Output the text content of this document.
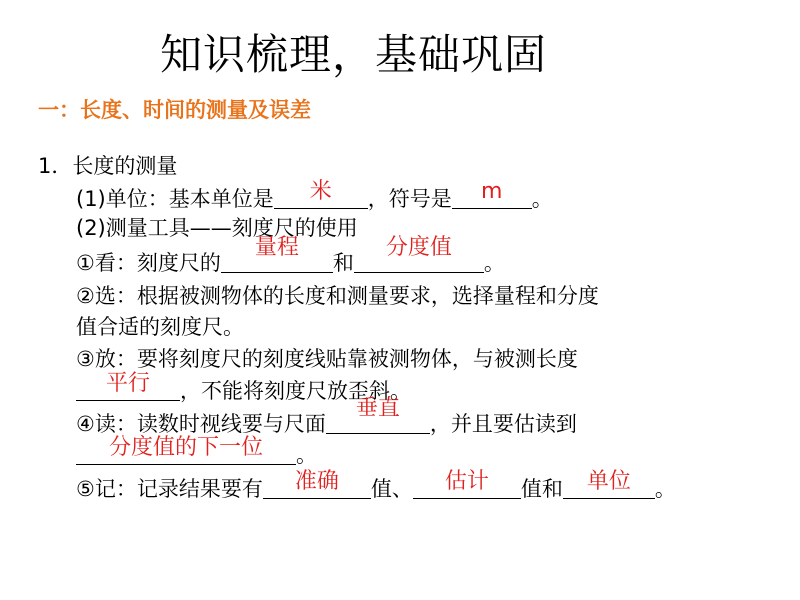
知识梳理，基础巩固
一：长度、时间的测量及误差
1．长度的测量
(1)单位：基本单位是	米	，符号是	m	。
(2)测量工具——刻度尺的使用
①看：刻度尺的
量程
和
分度值
。
②选：根据被测物体的长度和测量要求，选择量程和分度
值合适的刻度尺。
③放：要将刻度尺的刻度线贴靠被测物体，与被测长度
平行	，不能将刻度尺放歪斜。
④读：读数时视线要与尺面
垂直
，并且要估读到
分度值的下一位	。
⑤记：记录结果要有	准确	值、	估计	值和	单位	。
